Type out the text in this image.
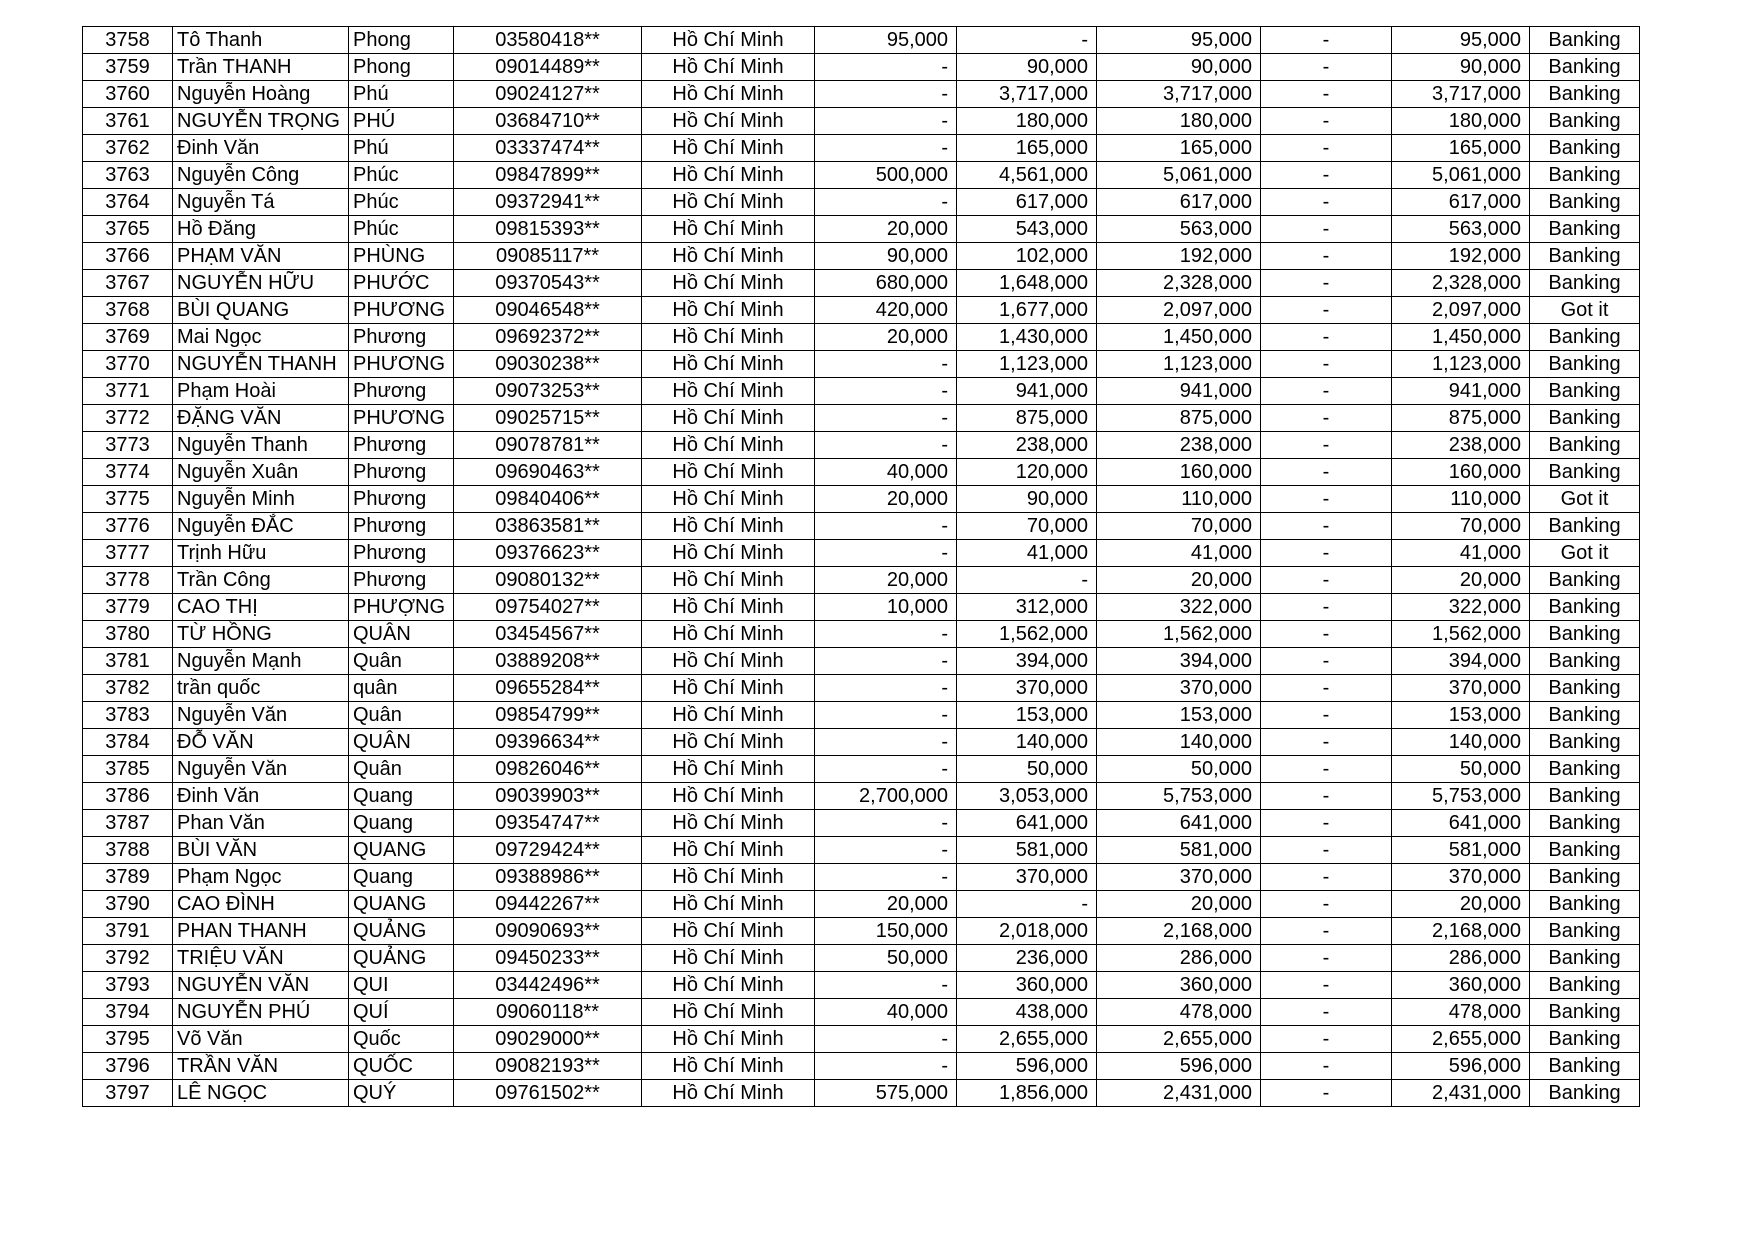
3758	Tô Thanh	Phong	03580418**	Hồ Chí Minh	95,000	-	95,000	-	95,000	Banking
3759	Trần THANH	Phong	09014489**	Hồ Chí Minh	-	90,000	90,000	-	90,000	Banking
3760	Nguyễn Hoàng	Phú	09024127**	Hồ Chí Minh	-	3,717,000	3,717,000	-	3,717,000	Banking
3761	NGUYỄN TRỌNG	PHÚ	03684710**	Hồ Chí Minh	-	180,000	180,000	-	180,000	Banking
3762	Đinh Văn	Phú	03337474**	Hồ Chí Minh	-	165,000	165,000	-	165,000	Banking
3763	Nguyễn Công	Phúc	09847899**	Hồ Chí Minh	500,000	4,561,000	5,061,000	-	5,061,000	Banking
3764	Nguyễn Tá	Phúc	09372941**	Hồ Chí Minh	-	617,000	617,000	-	617,000	Banking
3765	Hồ Đăng	Phúc	09815393**	Hồ Chí Minh	20,000	543,000	563,000	-	563,000	Banking
3766	PHẠM VĂN	PHÙNG	09085117**	Hồ Chí Minh	90,000	102,000	192,000	-	192,000	Banking
3767	NGUYỄN HỮU	PHƯỚC	09370543**	Hồ Chí Minh	680,000	1,648,000	2,328,000	-	2,328,000	Banking
3768	BÙI QUANG	PHƯƠNG	09046548**	Hồ Chí Minh	420,000	1,677,000	2,097,000	-	2,097,000	Got it
3769	Mai Ngọc	Phương	09692372**	Hồ Chí Minh	20,000	1,430,000	1,450,000	-	1,450,000	Banking
3770	NGUYỄN THANH	PHƯƠNG	09030238**	Hồ Chí Minh	-	1,123,000	1,123,000	-	1,123,000	Banking
3771	Phạm Hoài	Phương	09073253**	Hồ Chí Minh	-	941,000	941,000	-	941,000	Banking
3772	ĐẶNG VĂN	PHƯƠNG	09025715**	Hồ Chí Minh	-	875,000	875,000	-	875,000	Banking
3773	Nguyễn Thanh	Phương	09078781**	Hồ Chí Minh	-	238,000	238,000	-	238,000	Banking
3774	Nguyễn Xuân	Phương	09690463**	Hồ Chí Minh	40,000	120,000	160,000	-	160,000	Banking
3775	Nguyễn Minh	Phương	09840406**	Hồ Chí Minh	20,000	90,000	110,000	-	110,000	Got it
3776	Nguyễn ĐẮC	Phương	03863581**	Hồ Chí Minh	-	70,000	70,000	-	70,000	Banking
3777	Trịnh Hữu	Phương	09376623**	Hồ Chí Minh	-	41,000	41,000	-	41,000	Got it
3778	Trần Công	Phương	09080132**	Hồ Chí Minh	20,000	-	20,000	-	20,000	Banking
3779	CAO THỊ	PHƯỢNG	09754027**	Hồ Chí Minh	10,000	312,000	322,000	-	322,000	Banking
3780	TỪ HỒNG	QUÂN	03454567**	Hồ Chí Minh	-	1,562,000	1,562,000	-	1,562,000	Banking
3781	Nguyễn Mạnh	Quân	03889208**	Hồ Chí Minh	-	394,000	394,000	-	394,000	Banking
3782	trần quốc	quân	09655284**	Hồ Chí Minh	-	370,000	370,000	-	370,000	Banking
3783	Nguyễn Văn	Quân	09854799**	Hồ Chí Minh	-	153,000	153,000	-	153,000	Banking
3784	ĐỖ VĂN	QUÂN	09396634**	Hồ Chí Minh	-	140,000	140,000	-	140,000	Banking
3785	Nguyễn Văn	Quân	09826046**	Hồ Chí Minh	-	50,000	50,000	-	50,000	Banking
3786	Đinh Văn	Quang	09039903**	Hồ Chí Minh	2,700,000	3,053,000	5,753,000	-	5,753,000	Banking
3787	Phan Văn	Quang	09354747**	Hồ Chí Minh	-	641,000	641,000	-	641,000	Banking
3788	BÙI VĂN	QUANG	09729424**	Hồ Chí Minh	-	581,000	581,000	-	581,000	Banking
3789	Phạm Ngọc	Quang	09388986**	Hồ Chí Minh	-	370,000	370,000	-	370,000	Banking
3790	CAO ĐÌNH	QUANG	09442267**	Hồ Chí Minh	20,000	-	20,000	-	20,000	Banking
3791	PHAN THANH	QUẢNG	09090693**	Hồ Chí Minh	150,000	2,018,000	2,168,000	-	2,168,000	Banking
3792	TRIỆU VĂN	QUẢNG	09450233**	Hồ Chí Minh	50,000	236,000	286,000	-	286,000	Banking
3793	NGUYỄN VĂN	QUI	03442496**	Hồ Chí Minh	-	360,000	360,000	-	360,000	Banking
3794	NGUYỄN PHÚ	QUÍ	09060118**	Hồ Chí Minh	40,000	438,000	478,000	-	478,000	Banking
3795	Võ Văn	Quốc	09029000**	Hồ Chí Minh	-	2,655,000	2,655,000	-	2,655,000	Banking
3796	TRẦN VĂN	QUỐC	09082193**	Hồ Chí Minh	-	596,000	596,000	-	596,000	Banking
3797	LÊ NGỌC	QUÝ	09761502**	Hồ Chí Minh	575,000	1,856,000	2,431,000	-	2,431,000	Banking
